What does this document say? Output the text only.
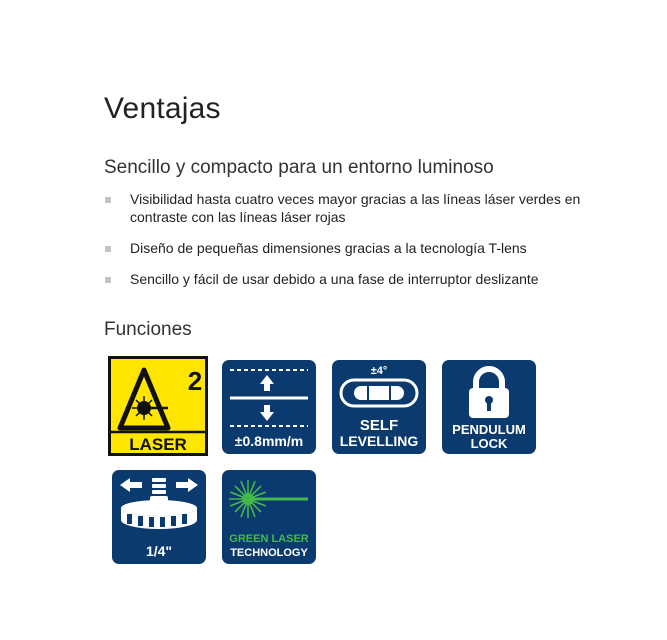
Ventajas
Sencillo y compacto para un entorno luminoso
Visibilidad hasta cuatro veces mayor gracias a las líneas láser verdes en contraste con las líneas láser rojas
Diseño de pequeñas dimensiones gracias a la tecnología T-lens
Sencillo y fácil de usar debido a una fase de interruptor deslizante
Funciones
2
LASER	±0.8mm/m
±4°
SELF
LEVELLING
PENDULUM
LOCK
1/4"
GREEN LASER
TECHNOLOGY
